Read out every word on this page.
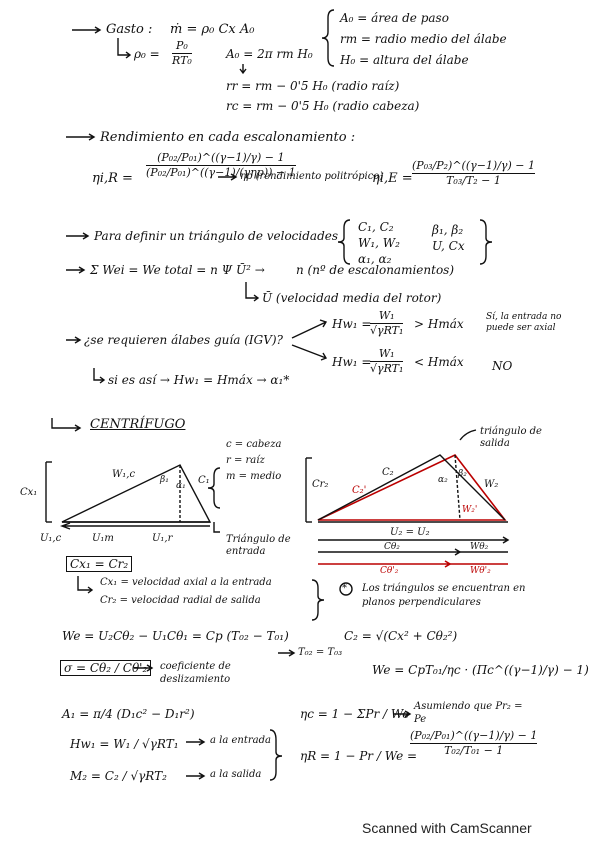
Gasto : ṁ = ρ₀ Cx A₀
ρ₀ =
P₀
RT₀	A₀ = 2π rm H₀
rr = rm − 0'5 H₀ (radio raíz)
rc = rm − 0'5 H₀ (radio cabeza)
A₀ = área de paso
rm = radio medio del álabe
H₀ = altura del álabe
Rendimiento en cada escalonamiento :
ηi,R =
(P₀₂/P₀₁)^((γ−1)/γ) − 1
(P₀₂/P₀₁)^((γ−1)/(γηp)) − 1
ηp (rendimiento politrópico)
ηi,E =
(P₀₃/P₂)^((γ−1)/γ) − 1
T₀₃/T₂ − 1
Para definir un triángulo de velocidades
C₁, C₂
W₁, W₂
α₁, α₂
β₁, β₂
U, Cx
Σ Wei = We total = n Ψ Ū² →	n (nº de escalonamientos)
Ū (velocidad media del rotor)
¿se requieren álabes guía (IGV)?
Hw₁ =
W₁
√γRT₁ > Hmáx Sí, la entrada no puede ser axial
Hw₁ =
W₁
√γRT₁ < Hmáx NO
si es así → Hw₁ = Hmáx → α₁*
CENTRÍFUGO
c = cabeza
r = raíz
m = medio
Cx₁
W₁,c	β₁
α₁ C₁
U₁,c	U₁m	U₁,r	Triángulo de entrada
triángulo de salida
Cr₂
C₂
C₂'
α₂
β₂
W₂
W₂'
U₂ = U₂
Cθ₂	Wθ₂
Cθ'₂	Wθ'₂
Cx₁ = Cr₂
Cx₁ = velocidad axial a la entrada
Cr₂ = velocidad radial de salida
* Los triángulos se encuentran en planos perpendiculares
We = U₂Cθ₂ − U₁Cθ₁ = Cp (T₀₂ − T₀₁)
T₀₂ = T₀₃
σ = Cθ₂ / Cθ'₂	coeficiente de deslizamiento
C₂ = √(Cx² + Cθ₂²)
We = CpT₀₁/ηc · (Πc^((γ−1)/γ) − 1)
A₁ = π/4 (D₁c² − D₁r²)
Hw₁ = W₁ / √γRT₁	a la entrada
M₂ = C₂ / √γRT₂	a la salida
ηc = 1 − ΣPr / We
Asumiendo que Pr₂ = Pe
ηR = 1 − Pr / We =
(P₀₂/P₀₁)^((γ−1)/γ) − 1
T₀₂/T₀₁ − 1
Scanned with CamScanner
